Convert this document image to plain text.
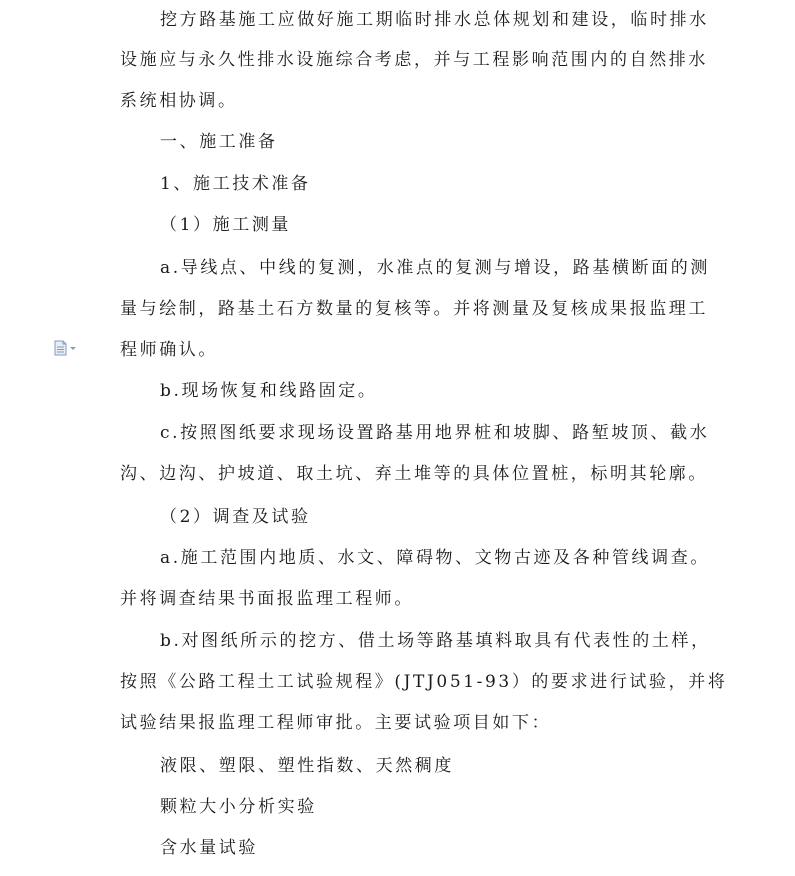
挖方路基施工应做好施工期临时排水总体规划和建设，临时排水
设施应与永久性排水设施综合考虑，并与工程影响范围内的自然排水
系统相协调。
一、施工准备
1、施工技术准备
（1）施工测量
a.导线点、中线的复测，水准点的复测与增设，路基横断面的测
量与绘制，路基土石方数量的复核等。并将测量及复核成果报监理工
程师确认。
b.现场恢复和线路固定。
c.按照图纸要求现场设置路基用地界桩和坡脚、路堑坡顶、截水
沟、边沟、护坡道、取土坑、弃土堆等的具体位置桩，标明其轮廓。
（2）调查及试验
a.施工范围内地质、水文、障碍物、文物古迹及各种管线调查。
并将调查结果书面报监理工程师。
b.对图纸所示的挖方、借土场等路基填料取具有代表性的土样，
按照《公路工程土工试验规程》(JTJ051-93）的要求进行试验，并将
试验结果报监理工程师审批。主要试验项目如下：
液限、塑限、塑性指数、天然稠度
颗粒大小分析实验
含水量试验
